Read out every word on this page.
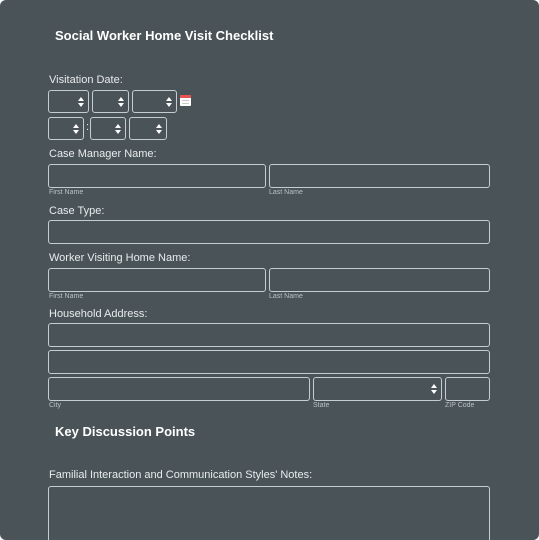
Social Worker Home Visit Checklist
Visitation Date:
:
Case Manager Name:
First Name	Last Name
Case Type:
Worker Visiting Home Name:
First Name	Last Name
Household Address:
City	State	ZIP Code
Key Discussion Points
Familial Interaction and Communication Styles' Notes:
